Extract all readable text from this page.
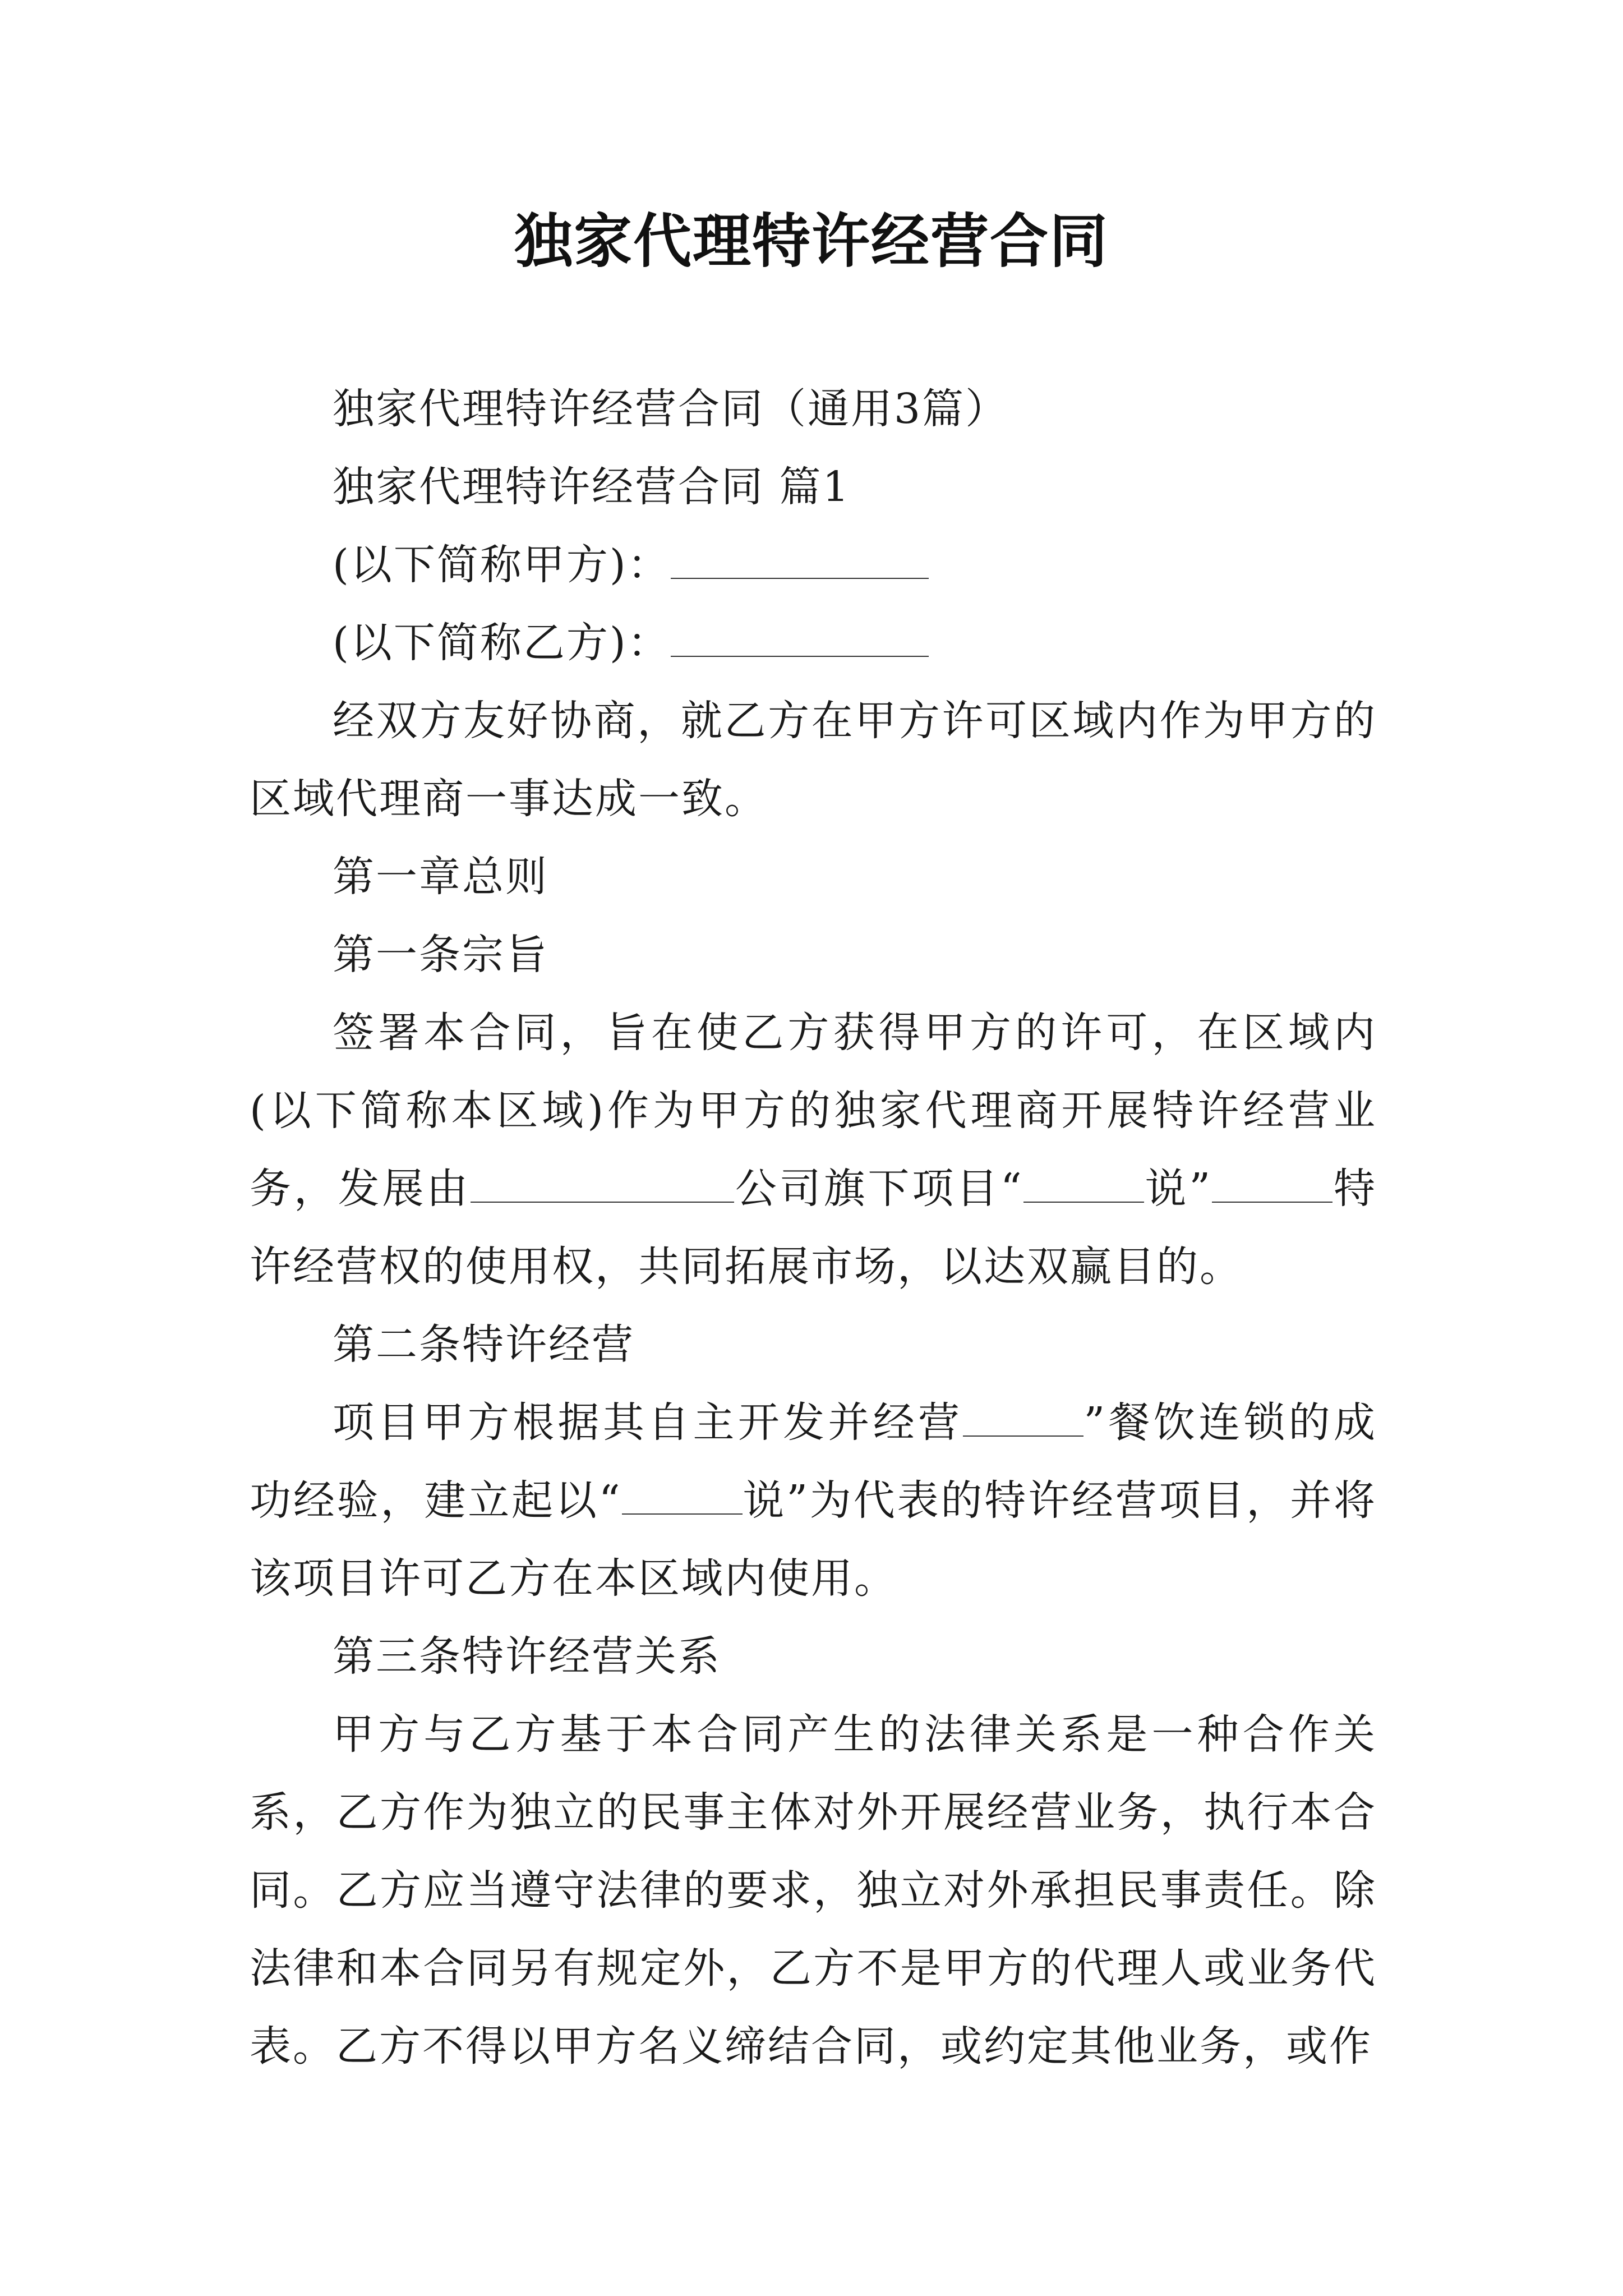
独家代理特许经营合同

独家代理特许经营合同（通用3篇）

独家代理特许经营合同 篇1

(以下简称甲方)：

(以下简称乙方)：

经双方友好协商，就乙方在甲方许可区域内作为甲方的区域代理商一事达成一致。

第一章总则

第一条宗旨

签署本合同，旨在使乙方获得甲方的许可，在区域内(以下简称本区域)作为甲方的独家代理商开展特许经营业务，发展由	公司旗下项目“	说”	特许经营权的使用权，共同拓展市场，以达双赢目的。

第二条特许经营

项目甲方根据其自主开发并经营	”餐饮连锁的成功经验，建立起以“	说”为代表的特许经营项目，并将该项目许可乙方在本区域内使用。

第三条特许经营关系

甲方与乙方基于本合同产生的法律关系是一种合作关系，乙方作为独立的民事主体对外开展经营业务，执行本合同。乙方应当遵守法律的要求，独立对外承担民事责任。除法律和本合同另有规定外，乙方不是甲方的代理人或业务代表。乙方不得以甲方名义缔结合同，或约定其他业务，或作
